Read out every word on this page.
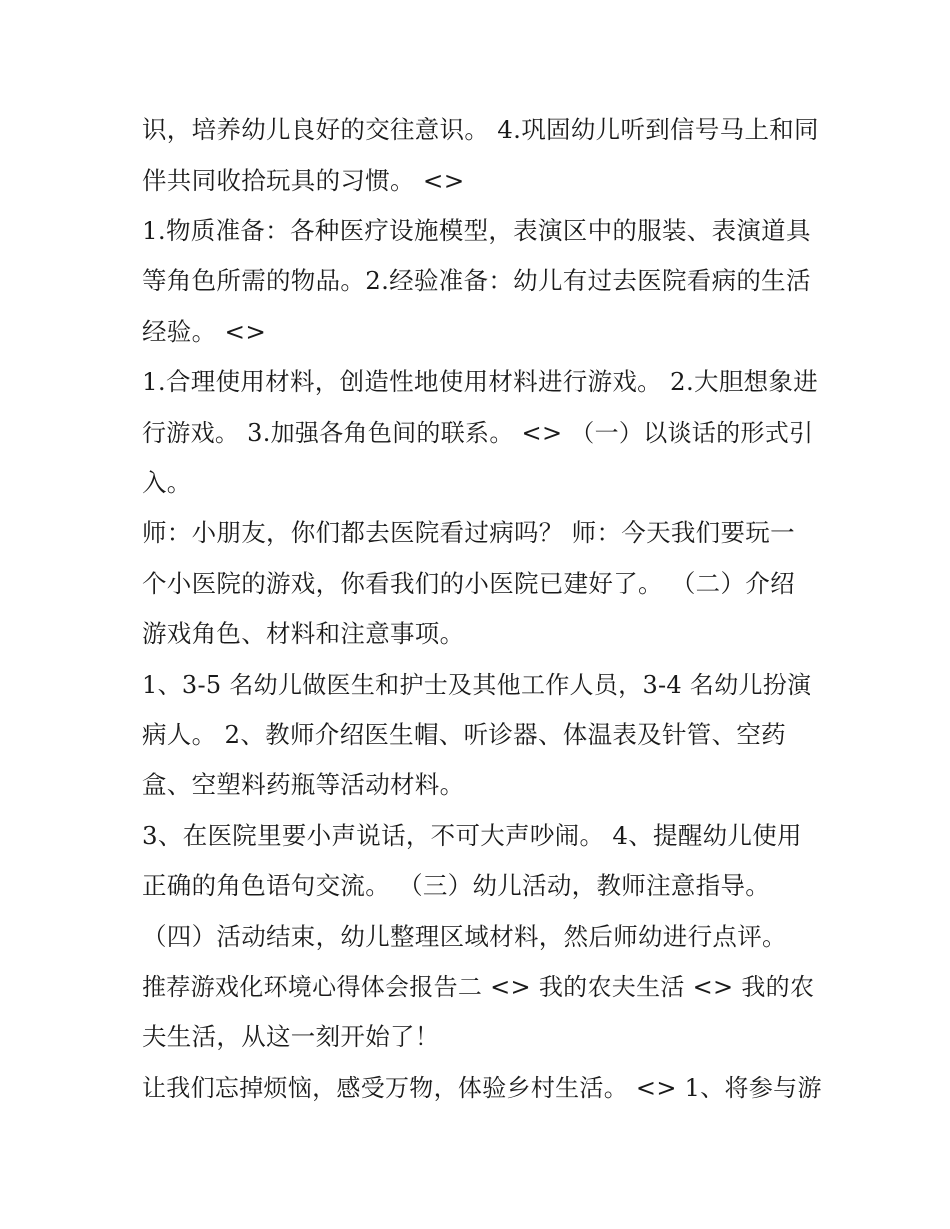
识，培养幼儿良好的交往意识。 4.巩固幼儿听到信号马上和同
伴共同收拾玩具的习惯。 <>
1.物质准备：各种医疗设施模型，表演区中的服装、表演道具
等角色所需的物品。2.经验准备：幼儿有过去医院看病的生活
经验。 <>
1.合理使用材料，创造性地使用材料进行游戏。 2.大胆想象进
行游戏。 3.加强各角色间的联系。 <> （一）以谈话的形式引
入。
师：小朋友，你们都去医院看过病吗？ 师：今天我们要玩一
个小医院的游戏，你看我们的小医院已建好了。 （二）介绍
游戏角色、材料和注意事项。
1、3-5 名幼儿做医生和护士及其他工作人员，3-4 名幼儿扮演
病人。 2、教师介绍医生帽、听诊器、体温表及针管、空药
盒、空塑料药瓶等活动材料。
3、在医院里要小声说话，不可大声吵闹。 4、提醒幼儿使用
正确的角色语句交流。 （三）幼儿活动，教师注意指导。
（四）活动结束，幼儿整理区域材料，然后师幼进行点评。
推荐游戏化环境心得体会报告二 <> 我的农夫生活 <> 我的农
夫生活，从这一刻开始了！
让我们忘掉烦恼，感受万物，体验乡村生活。 <> 1、将参与游
